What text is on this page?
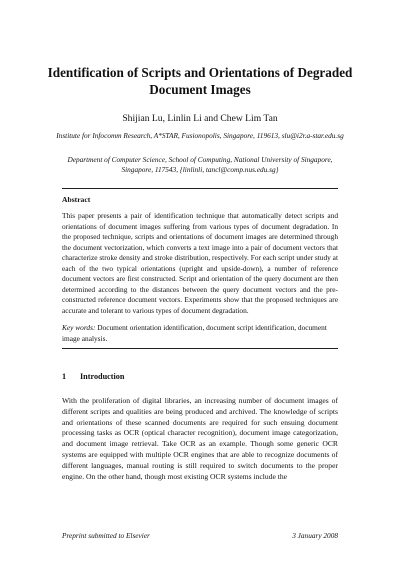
Identification of Scripts and Orientations of Degraded Document Images
Shijian Lu, Linlin Li and Chew Lim Tan
Institute for Infocomm Research, A*STAR, Fusionopolis, Singapore, 119613, slu@i2r.a-star.edu.sg
Department of Computer Science, School of Computing, National University of Singapore, Singapore, 117543, {linlinli, tancl@comp.nus.edu.sg}
Abstract
This paper presents a pair of identification technique that automatically detect scripts and orientations of document images suffering from various types of document degradation. In the proposed technique, scripts and orientations of document images are determined through the document vectorization, which converts a text image into a pair of document vectors that characterize stroke density and stroke distribution, respectively. For each script under study at each of the two typical orientations (upright and upside-down), a number of reference document vectors are first constructed. Script and orientation of the query document are then determined according to the distances between the query document vectors and the pre-constructed reference document vectors. Experiments show that the proposed techniques are accurate and tolerant to various types of document degradation.
Key words: Document orientation identification, document script identification, document image analysis.
1 Introduction
With the proliferation of digital libraries, an increasing number of document images of different scripts and qualities are being produced and archived. The knowledge of scripts and orientations of these scanned documents are required for such ensuing document processing tasks as OCR (optical character recognition), document image categorization, and document image retrieval. Take OCR as an example. Though some generic OCR systems are equipped with multiple OCR engines that are able to recognize documents of different languages, manual routing is still required to switch documents to the proper engine. On the other hand, though most existing OCR systems include the
Preprint submitted to Elsevier	3 January 2008
